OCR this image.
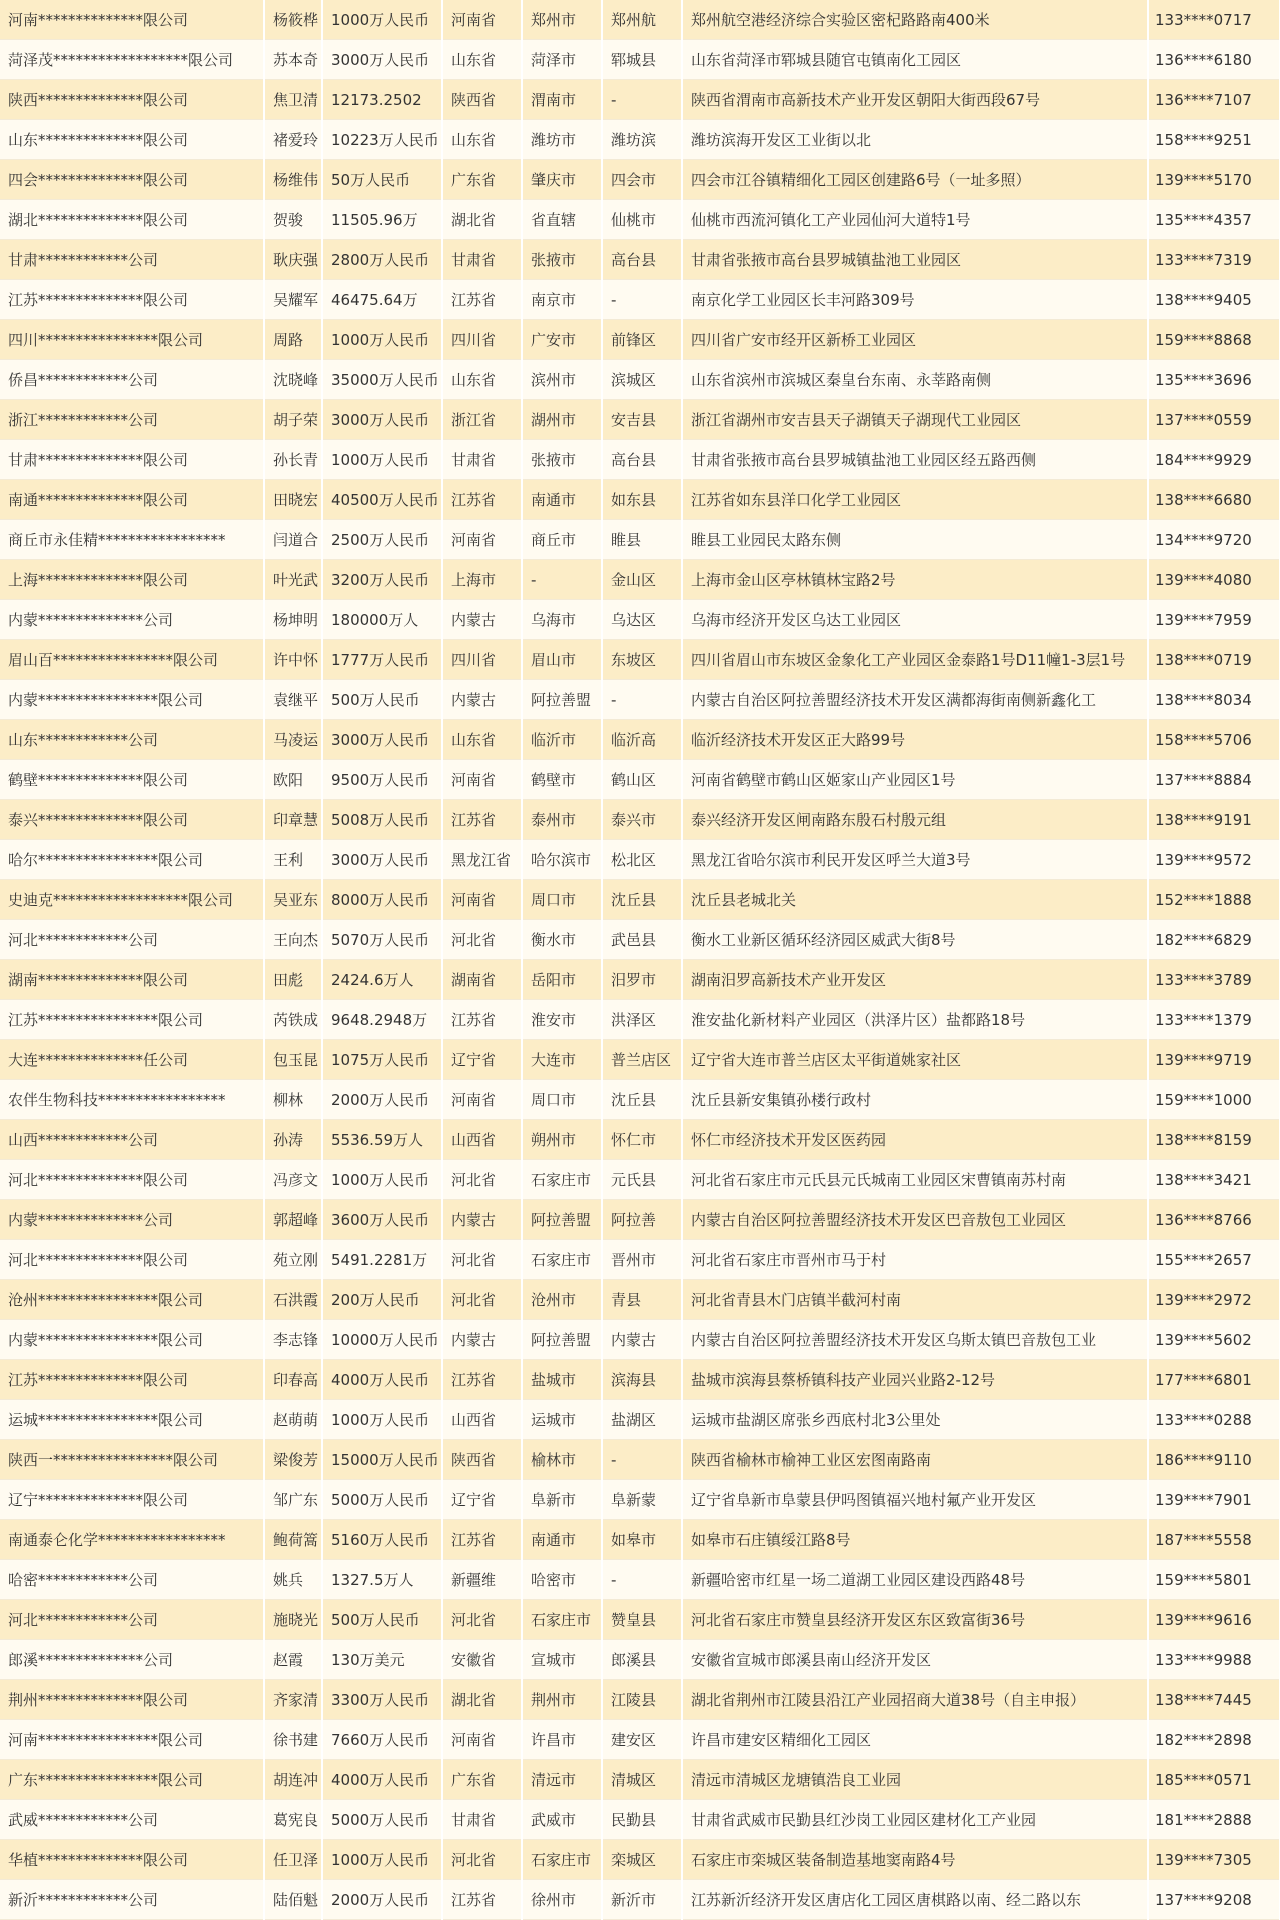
河南**************限公司	杨筱桦	1000万人民币	河南省	郑州市	郑州航	郑州航空港经济综合实验区密杞路路南400米	133****0717
菏泽茂******************限公司	苏本奇	3000万人民币	山东省	菏泽市	郓城县	山东省菏泽市郓城县随官屯镇南化工园区	136****6180
陕西**************限公司	焦卫清	12173.2502	陕西省	渭南市	-	陕西省渭南市高新技术产业开发区朝阳大街西段67号	136****7107
山东**************限公司	褚爱玲	10223万人民币	山东省	潍坊市	潍坊滨	潍坊滨海开发区工业街以北	158****9251
四会**************限公司	杨维伟	50万人民币	广东省	肇庆市	四会市	四会市江谷镇精细化工园区创建路6号（一址多照）	139****5170
湖北**************限公司	贺骏	11505.96万	湖北省	省直辖	仙桃市	仙桃市西流河镇化工产业园仙河大道特1号	135****4357
甘肃************公司	耿庆强	2800万人民币	甘肃省	张掖市	高台县	甘肃省张掖市高台县罗城镇盐池工业园区	133****7319
江苏**************限公司	吴耀军	46475.64万	江苏省	南京市	-	南京化学工业园区长丰河路309号	138****9405
四川****************限公司	周路	1000万人民币	四川省	广安市	前锋区	四川省广安市经开区新桥工业园区	159****8868
侨昌************公司	沈晓峰	35000万人民币	山东省	滨州市	滨城区	山东省滨州市滨城区秦皇台东南、永莘路南侧	135****3696
浙江************公司	胡子荣	3000万人民币	浙江省	湖州市	安吉县	浙江省湖州市安吉县天子湖镇天子湖现代工业园区	137****0559
甘肃**************限公司	孙长青	1000万人民币	甘肃省	张掖市	高台县	甘肃省张掖市高台县罗城镇盐池工业园区经五路西侧	184****9929
南通**************限公司	田晓宏	40500万人民币	江苏省	南通市	如东县	江苏省如东县洋口化学工业园区	138****6680
商丘市永佳精*****************	闫道合	2500万人民币	河南省	商丘市	睢县	睢县工业园民太路东侧	134****9720
上海**************限公司	叶光武	3200万人民币	上海市	-	金山区	上海市金山区亭林镇林宝路2号	139****4080
内蒙**************公司	杨坤明	180000万人	内蒙古	乌海市	乌达区	乌海市经济开发区乌达工业园区	139****7959
眉山百****************限公司	许中怀	1777万人民币	四川省	眉山市	东坡区	四川省眉山市东坡区金象化工产业园区金泰路1号D11幢1-3层1号	138****0719
内蒙****************限公司	袁继平	500万人民币	内蒙古	阿拉善盟	-	内蒙古自治区阿拉善盟经济技术开发区满都海街南侧新鑫化工	138****8034
山东************公司	马凌运	3000万人民币	山东省	临沂市	临沂高	临沂经济技术开发区正大路99号	158****5706
鹤壁**************限公司	欧阳	9500万人民币	河南省	鹤壁市	鹤山区	河南省鹤壁市鹤山区姬家山产业园区1号	137****8884
泰兴**************限公司	印章慧	5008万人民币	江苏省	泰州市	泰兴市	泰兴经济开发区闸南路东殷石村殷元组	138****9191
哈尔****************限公司	王利	3000万人民币	黑龙江省	哈尔滨市	松北区	黑龙江省哈尔滨市利民开发区呼兰大道3号	139****9572
史迪克******************限公司	吴亚东	8000万人民币	河南省	周口市	沈丘县	沈丘县老城北关	152****1888
河北************公司	王向杰	5070万人民币	河北省	衡水市	武邑县	衡水工业新区循环经济园区威武大街8号	182****6829
湖南**************限公司	田彪	2424.6万人	湖南省	岳阳市	汨罗市	湖南汨罗高新技术产业开发区	133****3789
江苏****************限公司	芮铁成	9648.2948万	江苏省	淮安市	洪泽区	淮安盐化新材料产业园区（洪泽片区）盐都路18号	133****1379
大连**************任公司	包玉昆	1075万人民币	辽宁省	大连市	普兰店区	辽宁省大连市普兰店区太平街道姚家社区	139****9719
农伴生物科技*****************	柳林	2000万人民币	河南省	周口市	沈丘县	沈丘县新安集镇孙楼行政村	159****1000
山西************公司	孙涛	5536.59万人	山西省	朔州市	怀仁市	怀仁市经济技术开发区医药园	138****8159
河北**************限公司	冯彦文	1000万人民币	河北省	石家庄市	元氏县	河北省石家庄市元氏县元氏城南工业园区宋曹镇南苏村南	138****3421
内蒙**************公司	郭超峰	3600万人民币	内蒙古	阿拉善盟	阿拉善	内蒙古自治区阿拉善盟经济技术开发区巴音敖包工业园区	136****8766
河北**************限公司	苑立刚	5491.2281万	河北省	石家庄市	晋州市	河北省石家庄市晋州市马于村	155****2657
沧州****************限公司	石洪霞	200万人民币	河北省	沧州市	青县	河北省青县木门店镇半截河村南	139****2972
内蒙****************限公司	李志锋	10000万人民币	内蒙古	阿拉善盟	内蒙古	内蒙古自治区阿拉善盟经济技术开发区乌斯太镇巴音敖包工业	139****5602
江苏**************限公司	印春高	4000万人民币	江苏省	盐城市	滨海县	盐城市滨海县蔡桥镇科技产业园兴业路2-12号	177****6801
运城****************限公司	赵萌萌	1000万人民币	山西省	运城市	盐湖区	运城市盐湖区席张乡西底村北3公里处	133****0288
陕西一****************限公司	梁俊芳	15000万人民币	陕西省	榆林市	-	陕西省榆林市榆神工业区宏图南路南	186****9110
辽宁**************限公司	邹广东	5000万人民币	辽宁省	阜新市	阜新蒙	辽宁省阜新市阜蒙县伊吗图镇福兴地村氟产业开发区	139****7901
南通泰仑化学*****************	鲍荷篙	5160万人民币	江苏省	南通市	如皋市	如皋市石庄镇绥江路8号	187****5558
哈密************公司	姚兵	1327.5万人	新疆维	哈密市	-	新疆哈密市红星一场二道湖工业园区建设西路48号	159****5801
河北************公司	施晓光	500万人民币	河北省	石家庄市	赞皇县	河北省石家庄市赞皇县经济开发区东区致富街36号	139****9616
郎溪**************公司	赵霞	130万美元	安徽省	宣城市	郎溪县	安徽省宣城市郎溪县南山经济开发区	133****9988
荆州**************限公司	齐家清	3300万人民币	湖北省	荆州市	江陵县	湖北省荆州市江陵县沿江产业园招商大道38号（自主申报）	138****7445
河南****************限公司	徐书建	7660万人民币	河南省	许昌市	建安区	许昌市建安区精细化工园区	182****2898
广东****************限公司	胡连冲	4000万人民币	广东省	清远市	清城区	清远市清城区龙塘镇浩良工业园	185****0571
武威************公司	葛宪良	5000万人民币	甘肃省	武威市	民勤县	甘肃省武威市民勤县红沙岗工业园区建材化工产业园	181****2888
华植**************限公司	任卫泽	1000万人民币	河北省	石家庄市	栾城区	石家庄市栾城区装备制造基地窦南路4号	139****7305
新沂************公司	陆佰魁	2000万人民币	江苏省	徐州市	新沂市	江苏新沂经济开发区唐店化工园区唐棋路以南、经二路以东	137****9208
